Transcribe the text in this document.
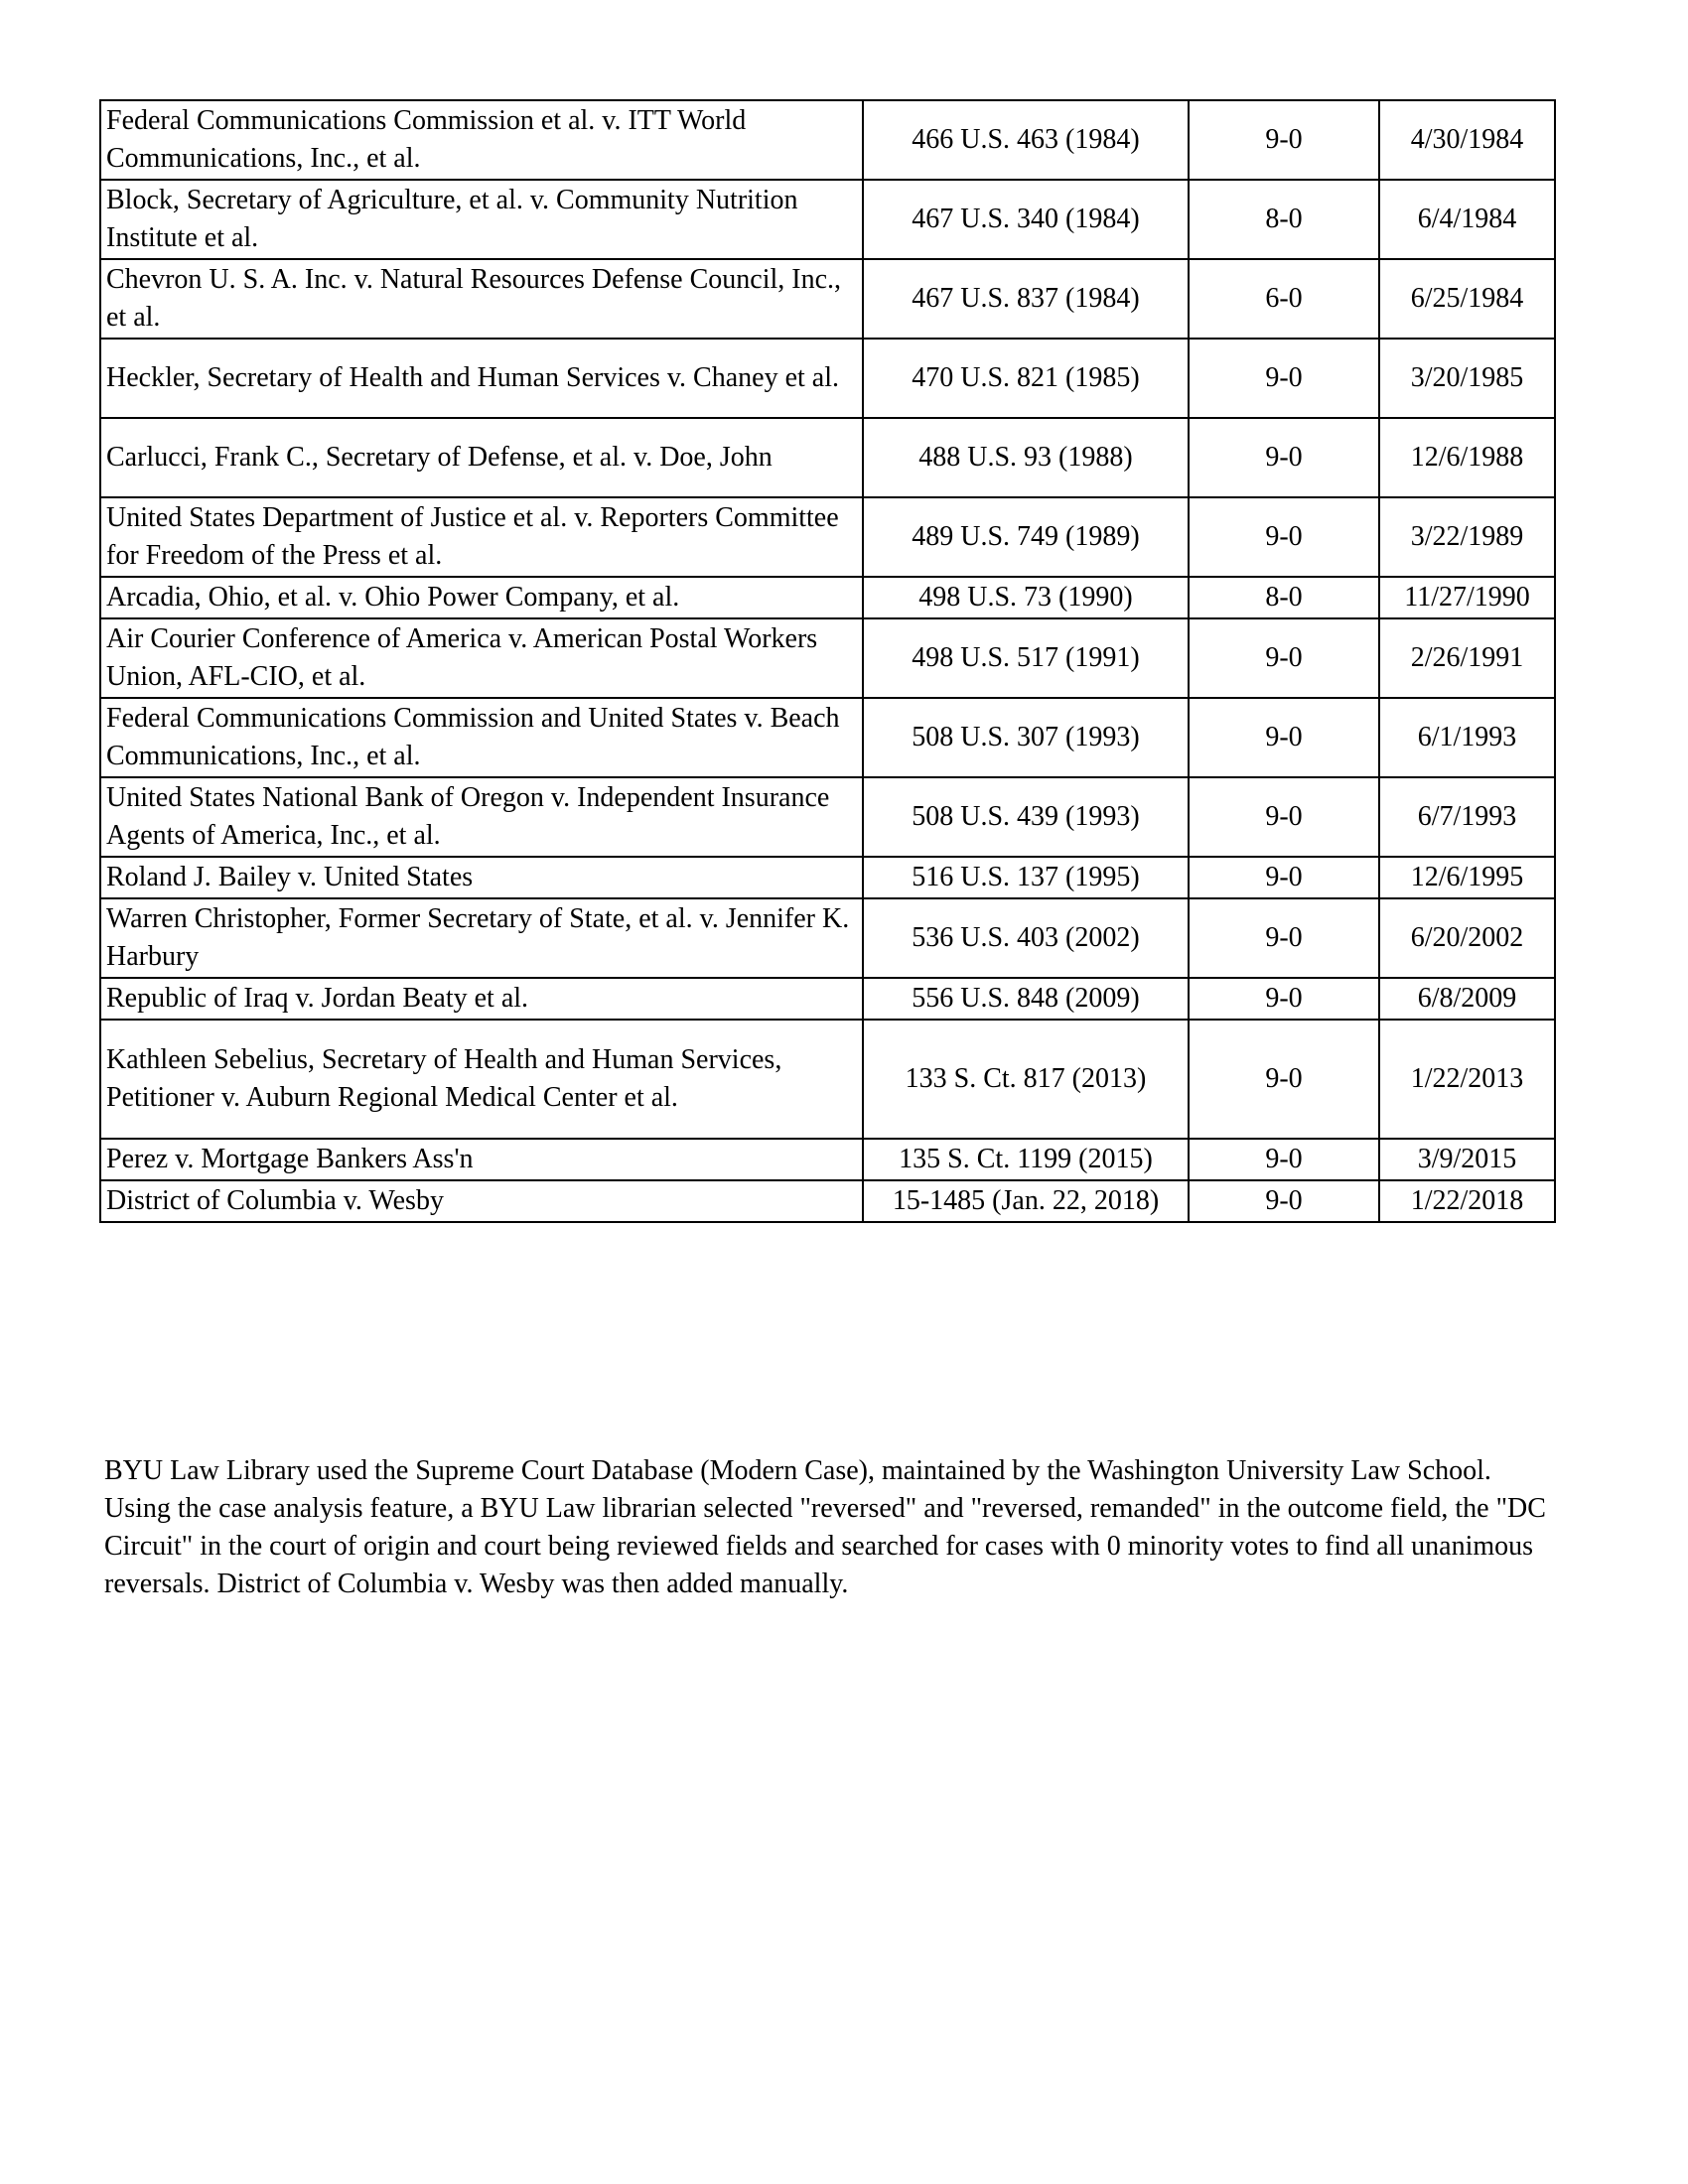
Federal Communications Commission et al. v. ITT World Communications, Inc., et al.	466 U.S. 463 (1984)	9-0	4/30/1984
Block, Secretary of Agriculture, et al. v. Community Nutrition Institute et al.	467 U.S. 340 (1984)	8-0	6/4/1984
Chevron U. S. A. Inc. v. Natural Resources Defense Council, Inc., et al.	467 U.S. 837 (1984)	6-0	6/25/1984
Heckler, Secretary of Health and Human Services v. Chaney et al.	470 U.S. 821 (1985)	9-0	3/20/1985
Carlucci, Frank C., Secretary of Defense, et al. v. Doe, John	488 U.S. 93 (1988)	9-0	12/6/1988
United States Department of Justice et al. v. Reporters Committee for Freedom of the Press et al.	489 U.S. 749 (1989)	9-0	3/22/1989
Arcadia, Ohio, et al. v. Ohio Power Company, et al.	498 U.S. 73 (1990)	8-0	11/27/1990
Air Courier Conference of America v. American Postal Workers Union, AFL-CIO, et al.	498 U.S. 517 (1991)	9-0	2/26/1991
Federal Communications Commission and United States v. Beach Communications, Inc., et al.	508 U.S. 307 (1993)	9-0	6/1/1993
United States National Bank of Oregon v. Independent Insurance Agents of America, Inc., et al.	508 U.S. 439 (1993)	9-0	6/7/1993
Roland J. Bailey v. United States	516 U.S. 137 (1995)	9-0	12/6/1995
Warren Christopher, Former Secretary of State, et al. v. Jennifer K. Harbury	536 U.S. 403 (2002)	9-0	6/20/2002
Republic of Iraq v. Jordan Beaty et al.	556 U.S. 848 (2009)	9-0	6/8/2009
Kathleen Sebelius, Secretary of Health and Human Services, Petitioner v. Auburn Regional Medical Center et al.	133 S. Ct. 817 (2013)	9-0	1/22/2013
Perez v. Mortgage Bankers Ass'n	135 S. Ct. 1199 (2015)	9-0	3/9/2015
District of Columbia v. Wesby	15-1485 (Jan. 22, 2018)	9-0	1/22/2018

BYU Law Library used the Supreme Court Database (Modern Case), maintained by the Washington University Law School. Using the case analysis feature, a BYU Law librarian selected "reversed" and "reversed, remanded" in the outcome field, the "DC Circuit" in the court of origin and court being reviewed fields and searched for cases with 0 minority votes to find all unanimous reversals. District of Columbia v. Wesby was then added manually.
